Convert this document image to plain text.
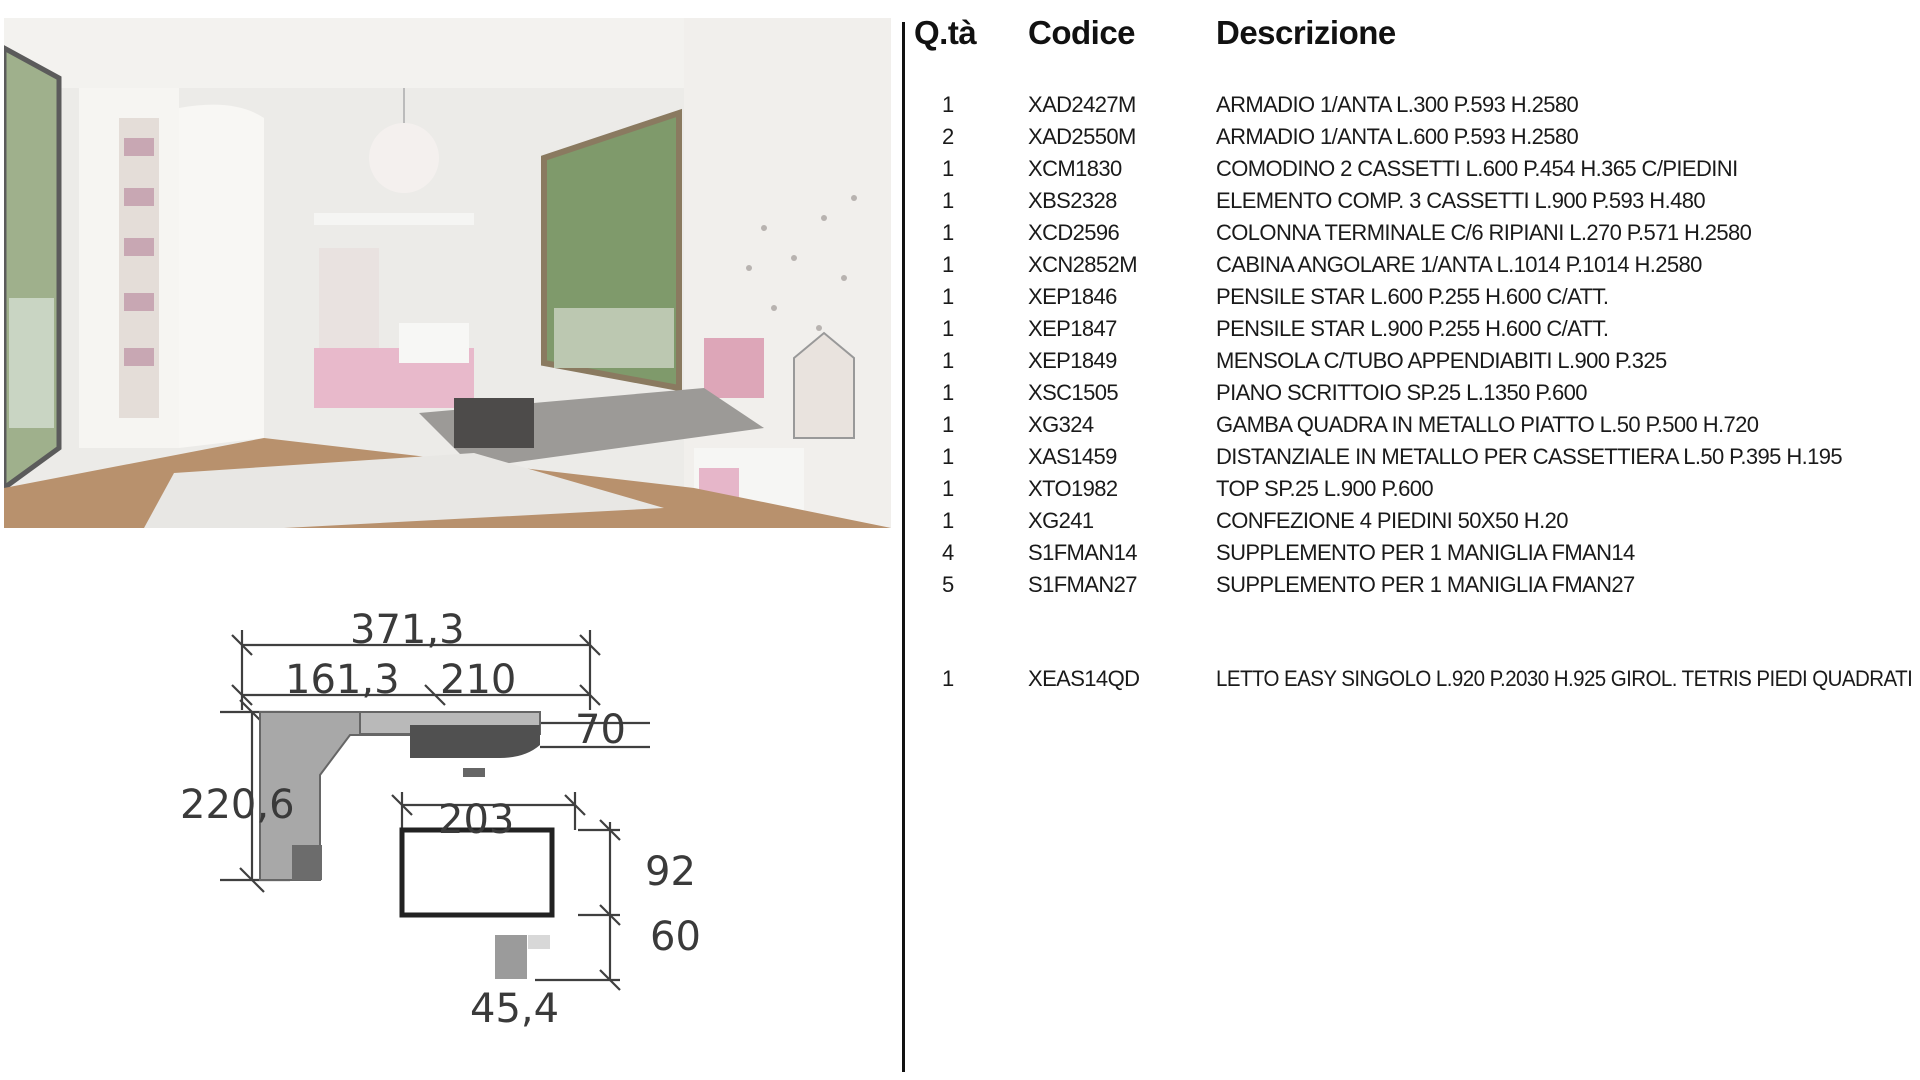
371,3
161,3 210
70
220,6	203
92
60
45,4
Q.tà Codice Descrizione
1	XAD2427M	ARMADIO 1/ANTA L.300 P.593 H.2580
2	XAD2550M	ARMADIO 1/ANTA L.600 P.593 H.2580
1	XCM1830	COMODINO 2 CASSETTI L.600 P.454 H.365 C/PIEDINI
1	XBS2328	ELEMENTO COMP. 3 CASSETTI L.900 P.593 H.480
1	XCD2596	COLONNA TERMINALE C/6 RIPIANI L.270 P.571 H.2580
1	XCN2852M	CABINA ANGOLARE 1/ANTA L.1014 P.1014 H.2580
1	XEP1846	PENSILE STAR L.600 P.255 H.600 C/ATT.
1	XEP1847	PENSILE STAR L.900 P.255 H.600 C/ATT.
1	XEP1849	MENSOLA C/TUBO APPENDIABITI L.900 P.325
1	XSC1505	PIANO SCRITTOIO SP.25 L.1350 P.600
1	XG324	GAMBA QUADRA IN METALLO PIATTO L.50 P.500 H.720
1	XAS1459	DISTANZIALE IN METALLO PER CASSETTIERA L.50 P.395 H.195
1	XTO1982	TOP SP.25 L.900 P.600
1	XG241	CONFEZIONE 4 PIEDINI 50X50 H.20
4	S1FMAN14	SUPPLEMENTO PER 1 MANIGLIA FMAN14
5	S1FMAN27	SUPPLEMENTO PER 1 MANIGLIA FMAN27
1	XEAS14QD	LETTO EASY SINGOLO L.920 P.2030 H.925 GIROL. TETRIS PIEDI QUADRATI
